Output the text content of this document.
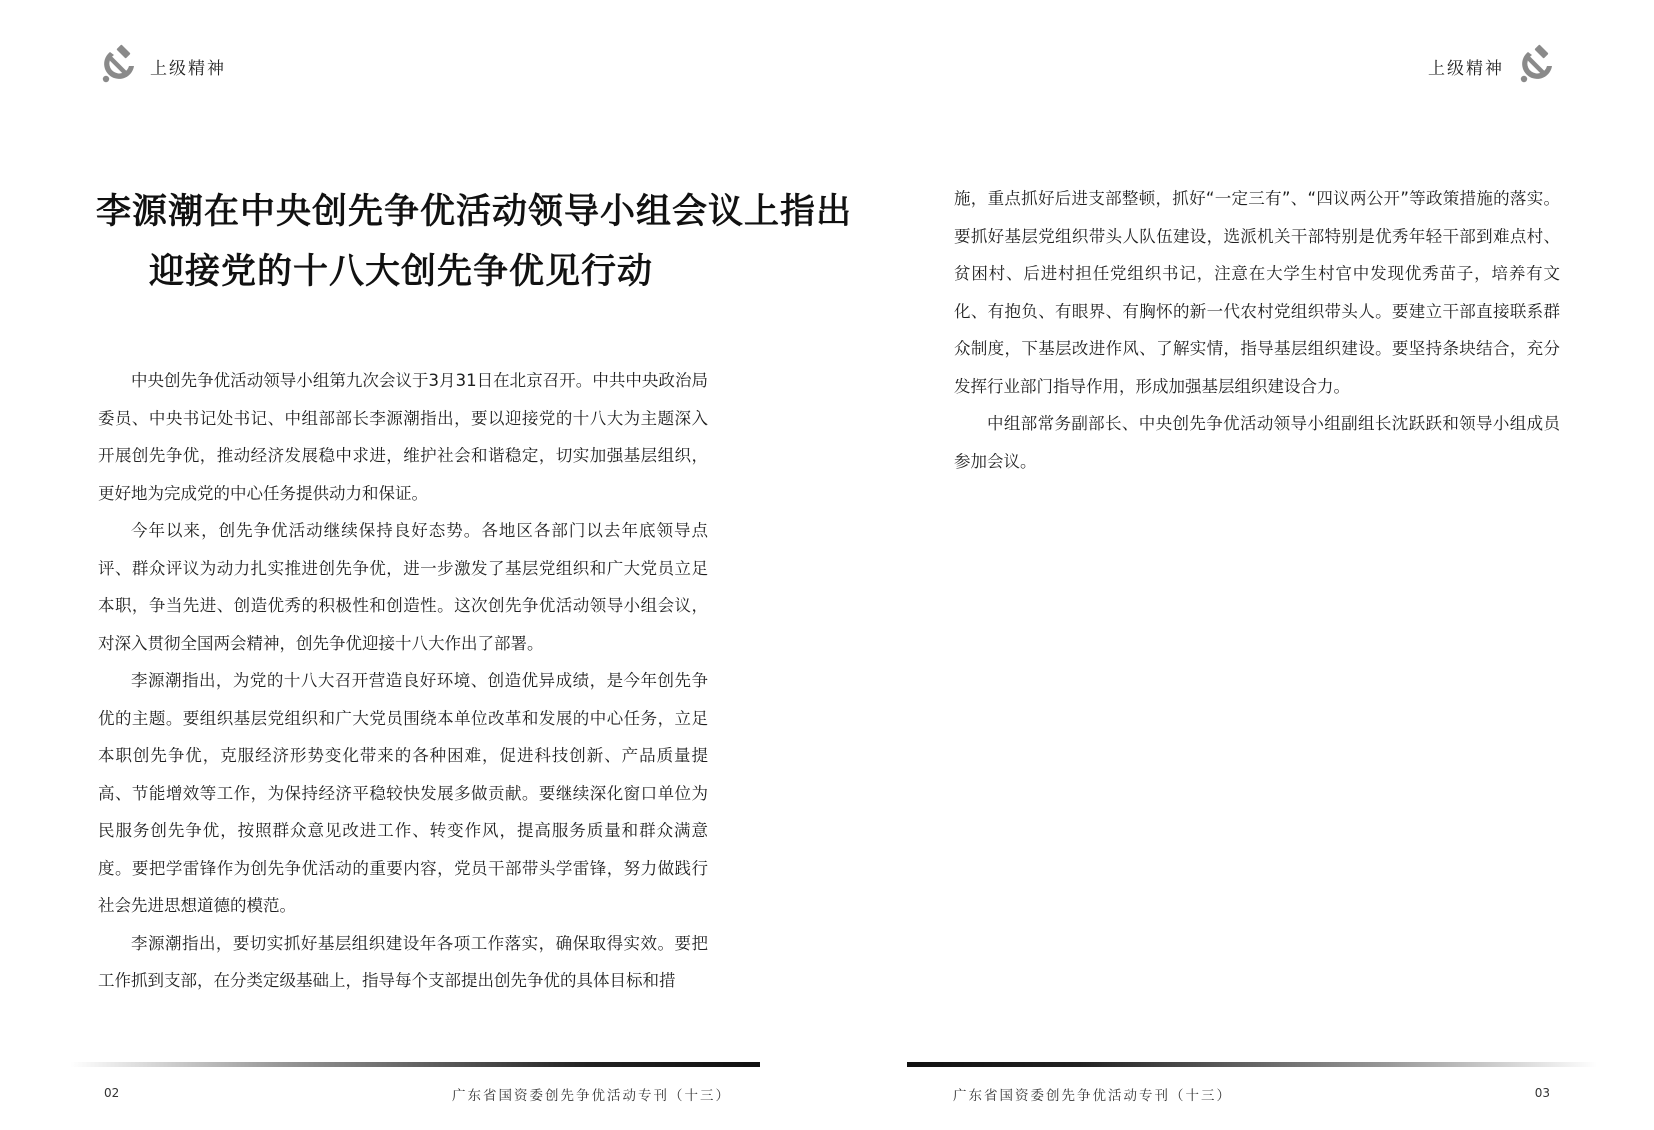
上级精神
李源潮在中央创先争优活动领导小组会议上指出
迎接党的十八大创先争优见行动

中央创先争优活动领导小组第九次会议于3月31日在北京召开。中共中央政治局委员、中央书记处书记、中组部部长李源潮指出，要以迎接党的十八大为主题深入开展创先争优，推动经济发展稳中求进，维护社会和谐稳定，切实加强基层组织，更好地为完成党的中心任务提供动力和保证。

今年以来，创先争优活动继续保持良好态势。各地区各部门以去年底领导点评、群众评议为动力扎实推进创先争优，进一步激发了基层党组织和广大党员立足本职，争当先进、创造优秀的积极性和创造性。这次创先争优活动领导小组会议，对深入贯彻全国两会精神，创先争优迎接十八大作出了部署。

李源潮指出，为党的十八大召开营造良好环境、创造优异成绩，是今年创先争优的主题。要组织基层党组织和广大党员围绕本单位改革和发展的中心任务，立足本职创先争优，克服经济形势变化带来的各种困难，促进科技创新、产品质量提高、节能增效等工作，为保持经济平稳较快发展多做贡献。要继续深化窗口单位为民服务创先争优，按照群众意见改进工作、转变作风，提高服务质量和群众满意度。要把学雷锋作为创先争优活动的重要内容，党员干部带头学雷锋，努力做践行社会先进思想道德的模范。

李源潮指出，要切实抓好基层组织建设年各项工作落实，确保取得实效。要把工作抓到支部，在分类定级基础上，指导每个支部提出创先争优的具体目标和措

02	广东省国资委创先争优活动专刊（十三）
上级精神

施，重点抓好后进支部整顿，抓好“一定三有”、“四议两公开”等政策措施的落实。要抓好基层党组织带头人队伍建设，选派机关干部特别是优秀年轻干部到难点村、贫困村、后进村担任党组织书记，注意在大学生村官中发现优秀苗子，培养有文化、有抱负、有眼界、有胸怀的新一代农村党组织带头人。要建立干部直接联系群众制度，下基层改进作风、了解实情，指导基层组织建设。要坚持条块结合，充分发挥行业部门指导作用，形成加强基层组织建设合力。

中组部常务副部长、中央创先争优活动领导小组副组长沈跃跃和领导小组成员参加会议。

广东省国资委创先争优活动专刊（十三）	03
